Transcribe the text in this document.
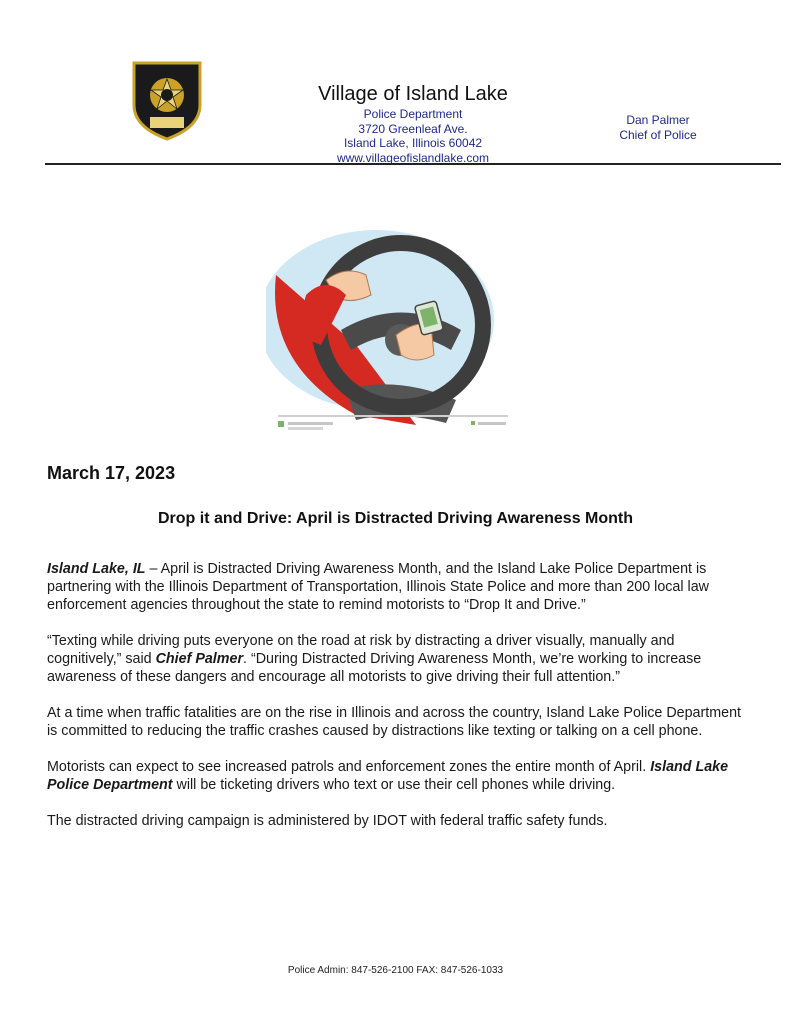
Village of Island Lake
Police Department
3720 Greenleaf Ave.
Island Lake, Illinois 60042
www.villageofislandlake.com
Dan Palmer
Chief of Police
March 17, 2023
Drop it and Drive: April is Distracted Driving Awareness Month

Island Lake, IL – April is Distracted Driving Awareness Month, and the Island Lake Police Department is partnering with the Illinois Department of Transportation, Illinois State Police and more than 200 local law enforcement agencies throughout the state to remind motorists to “Drop It and Drive.”

“Texting while driving puts everyone on the road at risk by distracting a driver visually, manually and cognitively,” said Chief Palmer. “During Distracted Driving Awareness Month, we’re working to increase awareness of these dangers and encourage all motorists to give driving their full attention.”

At a time when traffic fatalities are on the rise in Illinois and across the country, Island Lake Police Department is committed to reducing the traffic crashes caused by distractions like texting or talking on a cell phone.

Motorists can expect to see increased patrols and enforcement zones the entire month of April. Island Lake Police Department will be ticketing drivers who text or use their cell phones while driving.

The distracted driving campaign is administered by IDOT with federal traffic safety funds.

Police Admin: 847-526-2100 FAX: 847-526-1033
